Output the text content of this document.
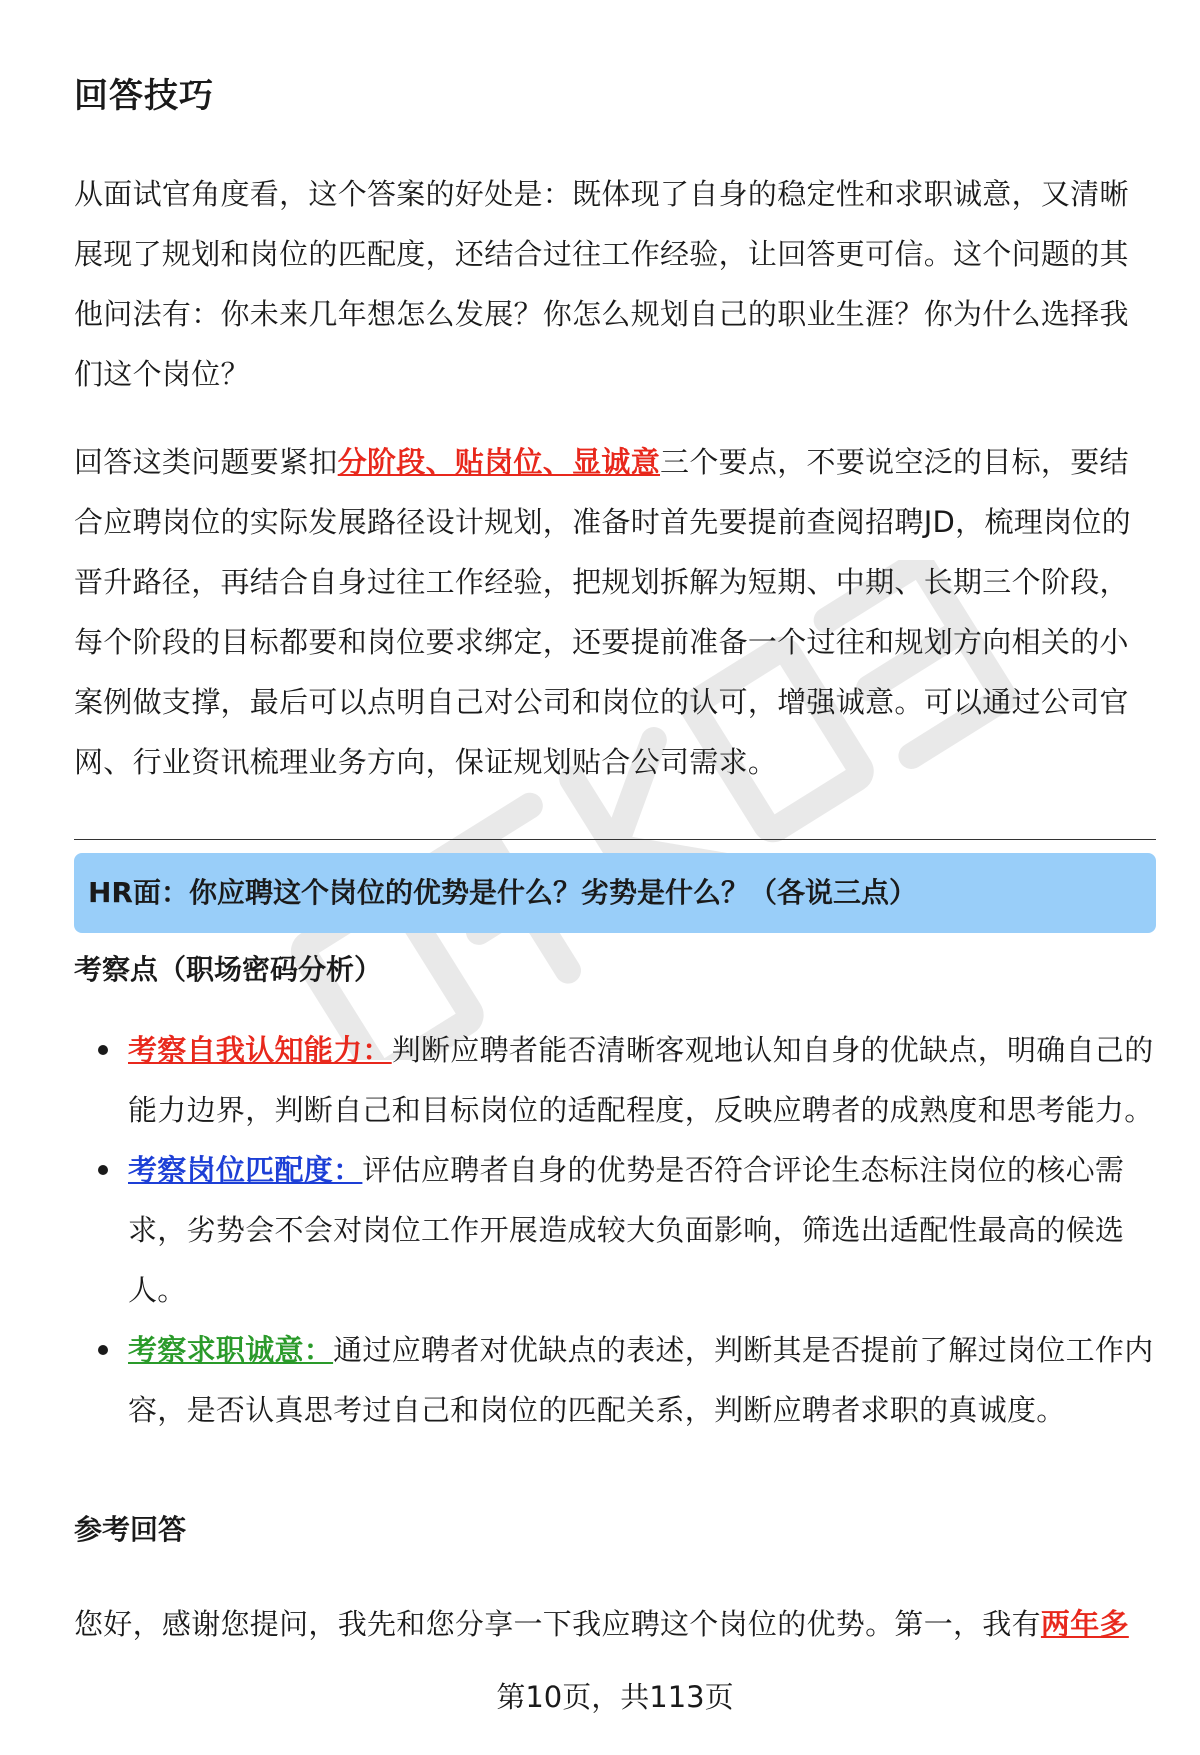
回答技巧
从面试官角度看，这个答案的好处是：既体现了自身的稳定性和求职诚意，又清晰展现了规划和岗位的匹配度，还结合过往工作经验，让回答更可信。这个问题的其他问法有：你未来几年想怎么发展？你怎么规划自己的职业生涯？你为什么选择我们这个岗位？
回答这类问题要紧扣分阶段、贴岗位、显诚意三个要点，不要说空泛的目标，要结合应聘岗位的实际发展路径设计规划，准备时首先要提前查阅招聘JD，梳理岗位的晋升路径，再结合自身过往工作经验，把规划拆解为短期、中期、长期三个阶段，每个阶段的目标都要和岗位要求绑定，还要提前准备一个过往和规划方向相关的小案例做支撑，最后可以点明自己对公司和岗位的认可，增强诚意。可以通过公司官网、行业资讯梳理业务方向，保证规划贴合公司需求。
HR面：你应聘这个岗位的优势是什么？劣势是什么？（各说三点）
考察点（职场密码分析）
考察自我认知能力：判断应聘者能否清晰客观地认知自身的优缺点，明确自己的能力边界，判断自己和目标岗位的适配程度，反映应聘者的成熟度和思考能力。
考察岗位匹配度：评估应聘者自身的优势是否符合评论生态标注岗位的核心需求，劣势会不会对岗位工作开展造成较大负面影响，筛选出适配性最高的候选人。
考察求职诚意：通过应聘者对优缺点的表述，判断其是否提前了解过岗位工作内容，是否认真思考过自己和岗位的匹配关系，判断应聘者求职的真诚度。
参考回答
您好，感谢您提问，我先和您分享一下我应聘这个岗位的优势。第一，我有两年多
第10页，共113页
